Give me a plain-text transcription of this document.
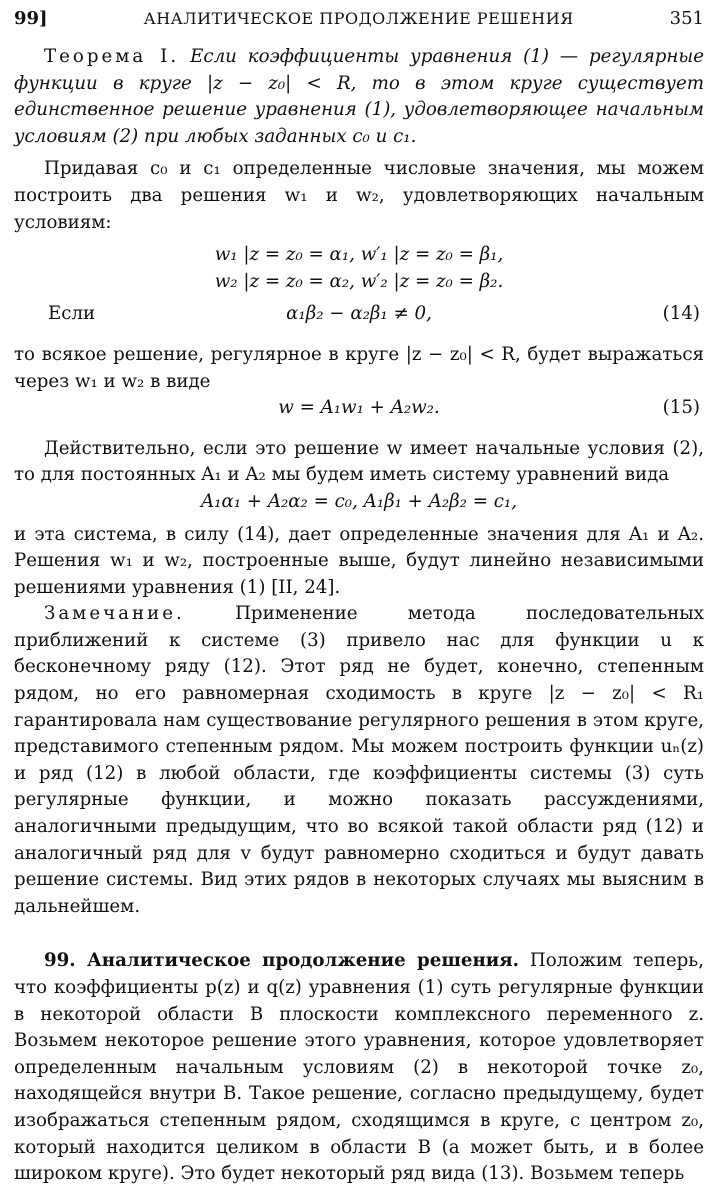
99]	АНАЛИТИЧЕСКОЕ ПРОДОЛЖЕНИЕ РЕШЕНИЯ	351

Теорема I. Если коэффициенты уравнения (1) — регулярные функции в круге |z − z₀| < R, то в этом круге существует единственное решение уравнения (1), удовлетворяющее начальным условиям (2) при любых заданных c₀ и c₁.

Придавая c₀ и c₁ определенные числовые значения, мы можем построить два решения w₁ и w₂, удовлетворяющих начальным условиям:

w₁ |z = z₀ = α₁, w′₁ |z = z₀ = β₁,
w₂ |z = z₀ = α₂, w′₂ |z = z₀ = β₂.
Если	α₁β₂ − α₂β₁ ≠ 0,	(14)

то всякое решение, регулярное в круге |z − z₀| < R, будет выражаться через w₁ и w₂ в виде

w = A₁w₁ + A₂w₂.	(15)

Действительно, если это решение w имеет начальные условия (2), то для постоянных A₁ и A₂ мы будем иметь систему уравнений вида

A₁α₁ + A₂α₂ = c₀, A₁β₁ + A₂β₂ = c₁,

и эта система, в силу (14), дает определенные значения для A₁ и A₂. Решения w₁ и w₂, построенные выше, будут линейно независимыми решениями уравнения (1) [II, 24].

Замечание.	Применение метода последовательных приближений к системе (3) привело нас для функции u к бесконечному ряду (12). Этот ряд не будет, конечно, степенным рядом, но его равномерная сходимость в круге |z − z₀| < R₁ гарантировала нам существование регулярного решения в этом круге, представимого степенным рядом. Мы можем построить функции uₙ(z) и ряд (12) в любой области, где коэффициенты системы (3) суть регулярные функции, и можно показать рассуждениями, аналогичными предыдущим, что во всякой такой области ряд (12) и аналогичный ряд для v будут равномерно сходиться и будут давать решение системы. Вид этих рядов в некоторых случаях мы выясним в дальнейшем.

99. Аналитическое продолжение решения. Положим теперь, что коэффициенты p(z) и q(z) уравнения (1) суть регулярные функции в некоторой области B плоскости комплексного переменного z. Возьмем некоторое решение этого уравнения, которое удовлетворяет определенным начальным условиям (2) в некоторой точке z₀, находящейся внутри B. Такое решение, согласно предыдущему, будет изображаться степенным рядом, сходящимся в круге, с центром z₀, который находится целиком в области B (а может быть, и в более широком круге). Это будет некоторый ряд вида (13). Возьмем теперь
